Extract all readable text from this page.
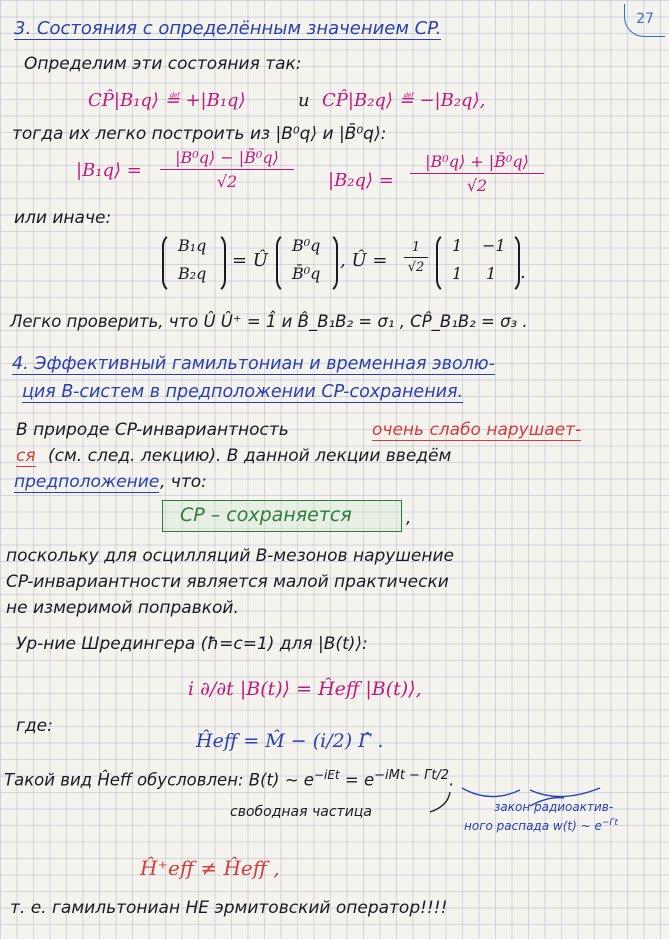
27
3. Состояния с определённым значением CP.
Определим эти состояния так:
CP̂|B₁q⟩ ≝ +|B₁q⟩	и CP̂|B₂q⟩ ≝ −|B₂q⟩,
тогда их легко построить из |B⁰q⟩ и |B̄⁰q⟩:
|B₁q⟩ =
|B⁰q⟩ − |B̄⁰q⟩
√2	|B₂q⟩ =
|B⁰q⟩ + |B̄⁰q⟩
√2
или иначе:
B₁q
B₂q
= Û
B⁰q
B̄⁰q
, Û =
1
√2
1 −1
1 1 .
Легко проверить, что Û Û⁺ = 1̂ и B̂_B₁B₂ = σ₁ , CP̂_B₁B₂ = σ₃ .
4. Эффективный гамильтониан и временная эволю-
ция B-систем в предположении CP-сохранения.
В природе CP-инвариантность	очень слабо нарушает-
ся (см. след. лекцию). В данной лекции введём
предположение , что:
CP – сохраняется	,
поскольку для осцилляций B-мезонов нарушение
CP-инвариантности является малой практически
не измеримой поправкой.
Ур-ние Шредингера (ħ=c=1) для |B(t)⟩:
i ∂/∂t |B(t)⟩ = Ĥeff |B(t)⟩,
где:
Ĥeff = M̂ − (i/2) Γ̂ .
Такой вид Ĥeff обусловлен: B(t) ~ $e^{-iEt} = e^{-iMt - \Gamma t/2}$.
свободная частица	закон радиоактив-
ного распада w(t) ~ $e^{-\Gamma t}$
Ĥ⁺eff ≠ Ĥeff ,
т. е. гамильтониан НЕ эрмитовский оператор!!!!
